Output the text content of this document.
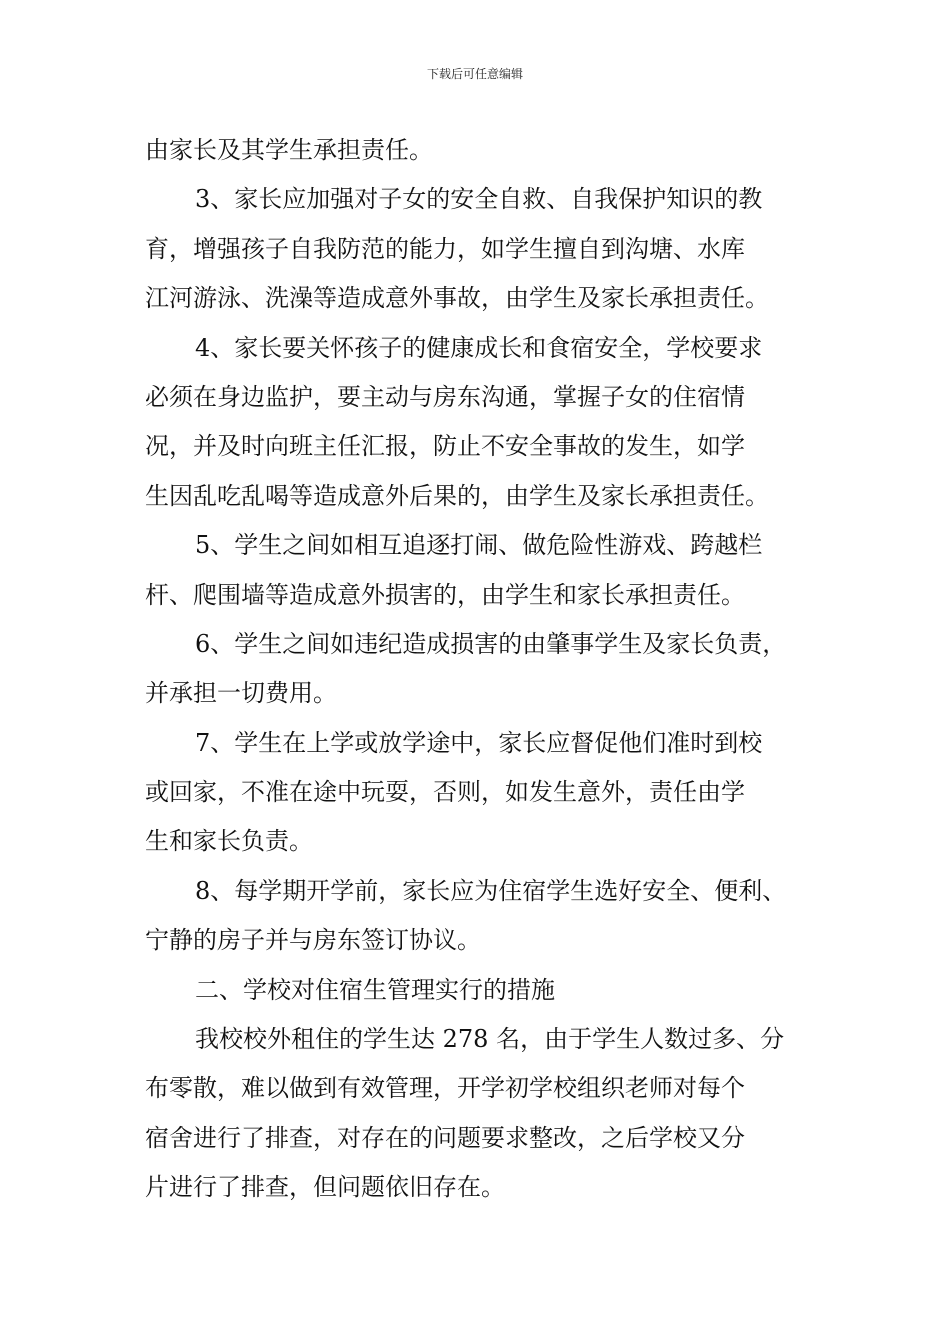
下载后可任意编辑
由家长及其学生承担责任。
3、家长应加强对子女的安全自救、自我保护知识的教
育，增强孩子自我防范的能力，如学生擅自到沟塘、水库
江河游泳、洗澡等造成意外事故，由学生及家长承担责任。
4、家长要关怀孩子的健康成长和食宿安全，学校要求
必须在身边监护，要主动与房东沟通，掌握子女的住宿情
况，并及时向班主任汇报，防止不安全事故的发生，如学
生因乱吃乱喝等造成意外后果的，由学生及家长承担责任。
5、学生之间如相互追逐打闹、做危险性游戏、跨越栏
杆、爬围墙等造成意外损害的，由学生和家长承担责任。
6、学生之间如违纪造成损害的由肇事学生及家长负责，
并承担一切费用。
7、学生在上学或放学途中，家长应督促他们准时到校
或回家，不准在途中玩耍，否则，如发生意外，责任由学
生和家长负责。
8、每学期开学前，家长应为住宿学生选好安全、便利、
宁静的房子并与房东签订协议。
二、学校对住宿生管理实行的措施
我校校外租住的学生达 278 名，由于学生人数过多、分
布零散，难以做到有效管理，开学初学校组织老师对每个
宿舍进行了排查，对存在的问题要求整改，之后学校又分
片进行了排查，但问题依旧存在。
